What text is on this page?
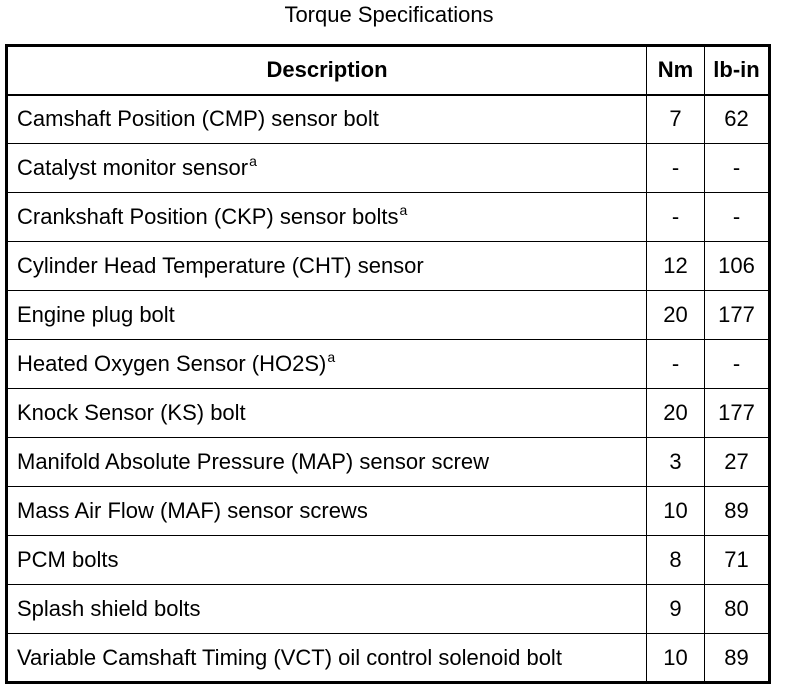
Torque Specifications
Description	Nm	lb-in
Camshaft Position (CMP) sensor bolt	7	62
Catalyst monitor sensor$^a$	-	-
Crankshaft Position (CKP) sensor bolts$^a$	-	-
Cylinder Head Temperature (CHT) sensor	12	106
Engine plug bolt	20	177
Heated Oxygen Sensor (HO2S)$^a$	-	-
Knock Sensor (KS) bolt	20	177
Manifold Absolute Pressure (MAP) sensor screw	3	27
Mass Air Flow (MAF) sensor screws	10	89
PCM bolts	8	71
Splash shield bolts	9	80
Variable Camshaft Timing (VCT) oil control solenoid bolt	10	89
